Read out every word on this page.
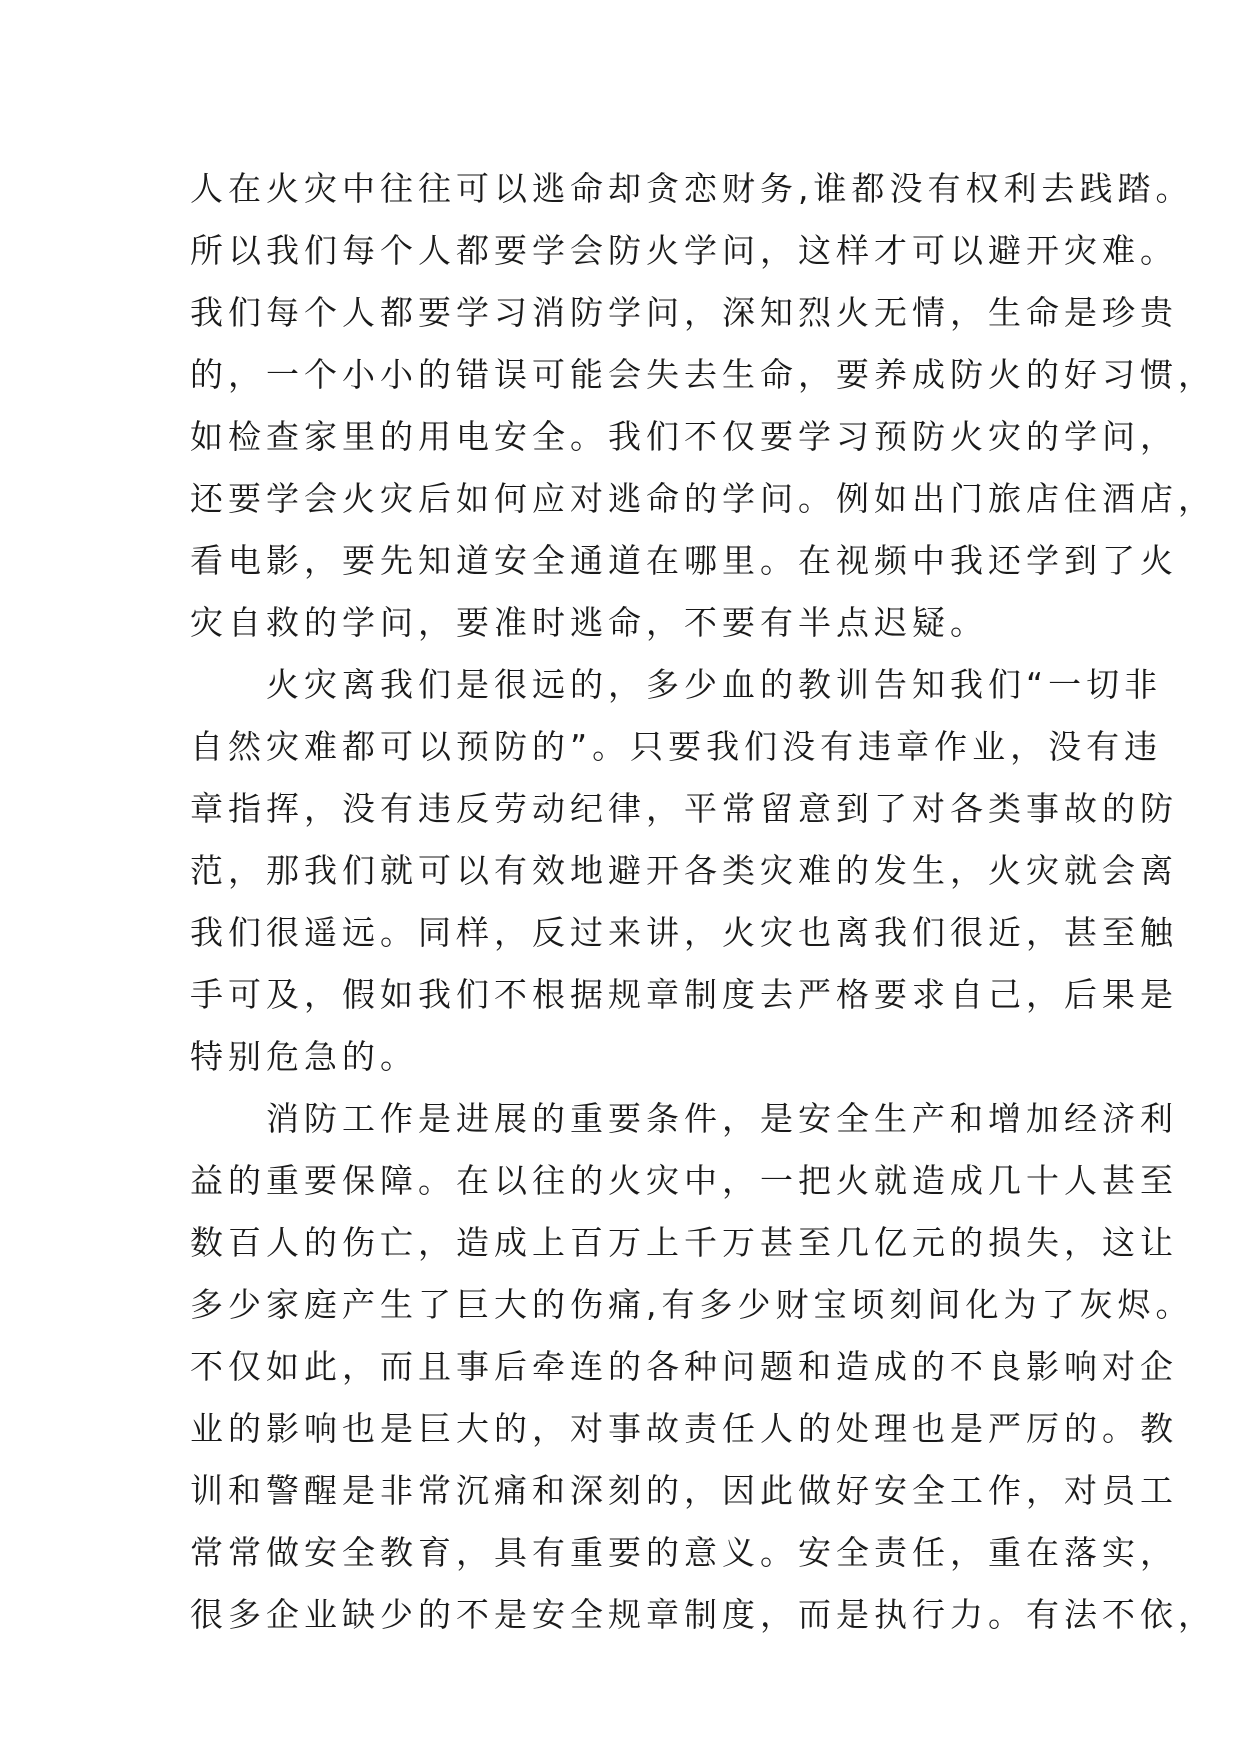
人在火灾中往往可以逃命却贪恋财务,谁都没有权利去践踏。
所以我们每个人都要学会防火学问，这样才可以避开灾难。
我们每个人都要学习消防学问，深知烈火无情，生命是珍贵
的，一个小小的错误可能会失去生命，要养成防火的好习惯，
如检查家里的用电安全。我们不仅要学习预防火灾的学问，
还要学会火灾后如何应对逃命的学问。例如出门旅店住酒店，
看电影，要先知道安全通道在哪里。在视频中我还学到了火
灾自救的学问，要准时逃命，不要有半点迟疑。
　　火灾离我们是很远的，多少血的教训告知我们“一切非
自然灾难都可以预防的”。只要我们没有违章作业，没有违
章指挥，没有违反劳动纪律，平常留意到了对各类事故的防
范，那我们就可以有效地避开各类灾难的发生，火灾就会离
我们很遥远。同样，反过来讲，火灾也离我们很近，甚至触
手可及，假如我们不根据规章制度去严格要求自己，后果是
特别危急的。
　　消防工作是进展的重要条件，是安全生产和增加经济利
益的重要保障。在以往的火灾中，一把火就造成几十人甚至
数百人的伤亡，造成上百万上千万甚至几亿元的损失，这让
多少家庭产生了巨大的伤痛,有多少财宝顷刻间化为了灰烬。
不仅如此，而且事后牵连的各种问题和造成的不良影响对企
业的影响也是巨大的，对事故责任人的处理也是严厉的。教
训和警醒是非常沉痛和深刻的，因此做好安全工作，对员工
常常做安全教育，具有重要的意义。安全责任，重在落实，
很多企业缺少的不是安全规章制度，而是执行力。有法不依，
